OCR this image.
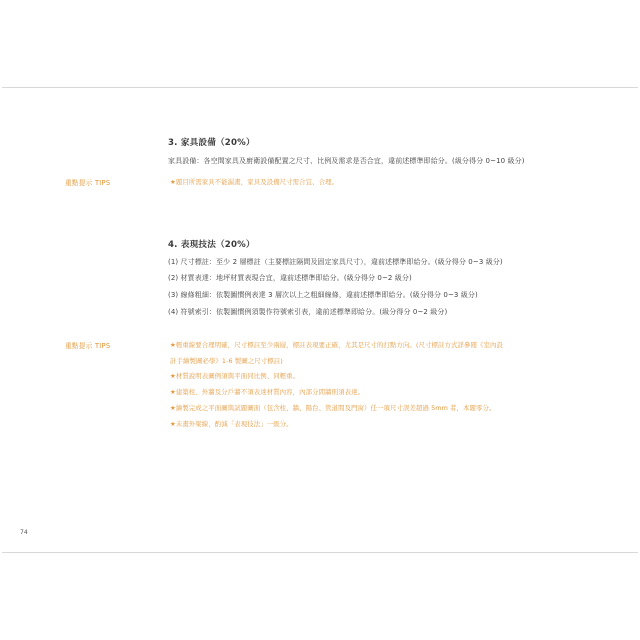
3. 家具設備（20%）
家具設備：各空間家具及廚衛設備配置之尺寸、比例及需求是否合宜，違前述標準即給分。(級分得分 0~10 級分)
重點提示 TIPS	★題目所需家具不能漏畫，家具及設備尺寸需合宜、合理。
4. 表現技法（20%）
(1) 尺寸標註：至少 2 層標註（主要標註隔間及固定家具尺寸），違前述標準即給分。(級分得分 0~3 級分)
(2) 材質表達：地坪材質表現合宜，違前述標準即給分。(級分得分 0~2 級分)
(3) 線條粗細：依製圖慣例表達 3 層次以上之粗細線條，違前述標準即給分。(級分得分 0~3 級分)
(4) 符號索引：依製圖慣例須製作符號索引表，違前述標準即給分。(級分得分 0~2 級分)
重點提示 TIPS	★輕重線要合理明確，尺寸標註至少兩層，標註表現要正確，尤其是尺寸的打點方向。(尺寸標註方式詳參閱《室內設
計手繪製圖必學》1-6 製圖之尺寸標註)
★材質說明表圖例須與平面同比例、同輕重。
★建築柱、外牆及分戶牆不須表達材質內容，內部分間牆則須表達。
★繪製完成之平面圖與試題圖面（包含柱、牆、陽台、管道間及門窗）任一項尺寸誤差超過 5mm 者，本題零分。
★未畫外梁線，酌減「表現技法」一級分。
74
